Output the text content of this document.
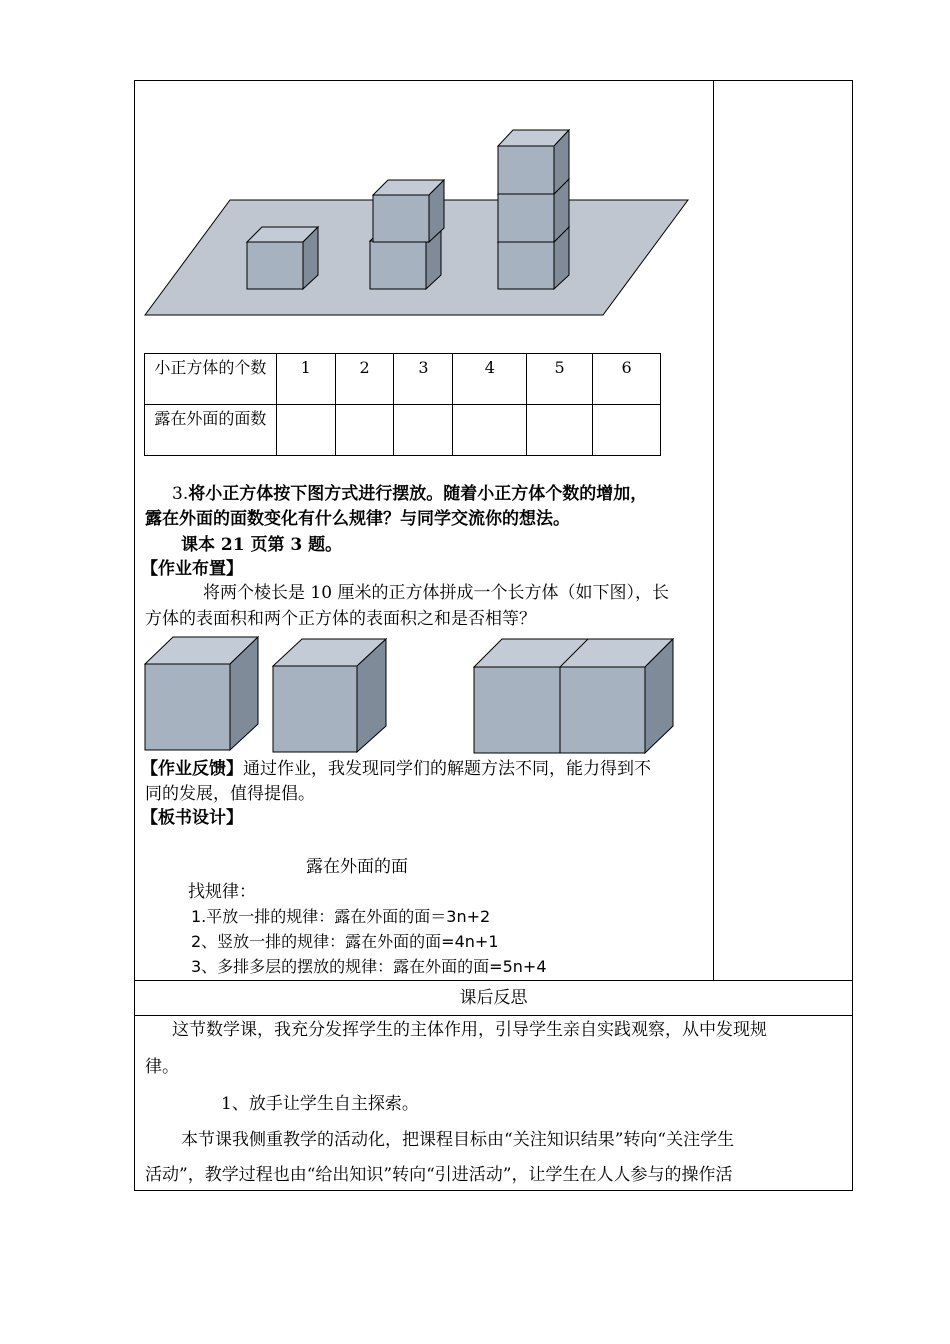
小正方体的个数	1	2	3	4	5	6
露在外面的面数						
3.将小正方体按下图方式进行摆放。随着小正方体个数的增加，
露在外面的面数变化有什么规律？与同学交流你的想法。
课本 21 页第 3 题。
【作业布置】
将两个棱长是 10 厘米的正方体拼成一个长方体（如下图），长
方体的表面积和两个正方体的表面积之和是否相等？
【作业反馈】通过作业，我发现同学们的解题方法不同，能力得到不
同的发展，值得提倡。
【板书设计】
露在外面的面
找规律：
1.平放一排的规律：露在外面的面＝3n+2
2、竖放一排的规律：露在外面的面=4n+1
3、多排多层的摆放的规律：露在外面的面=5n+4
课后反思
这节数学课，我充分发挥学生的主体作用，引导学生亲自实践观察，从中发现规
律。
1、放手让学生自主探索。
本节课我侧重教学的活动化，把课程目标由“关注知识结果”转向“关注学生
活动”，教学过程也由“给出知识”转向“引进活动”，让学生在人人参与的操作活
